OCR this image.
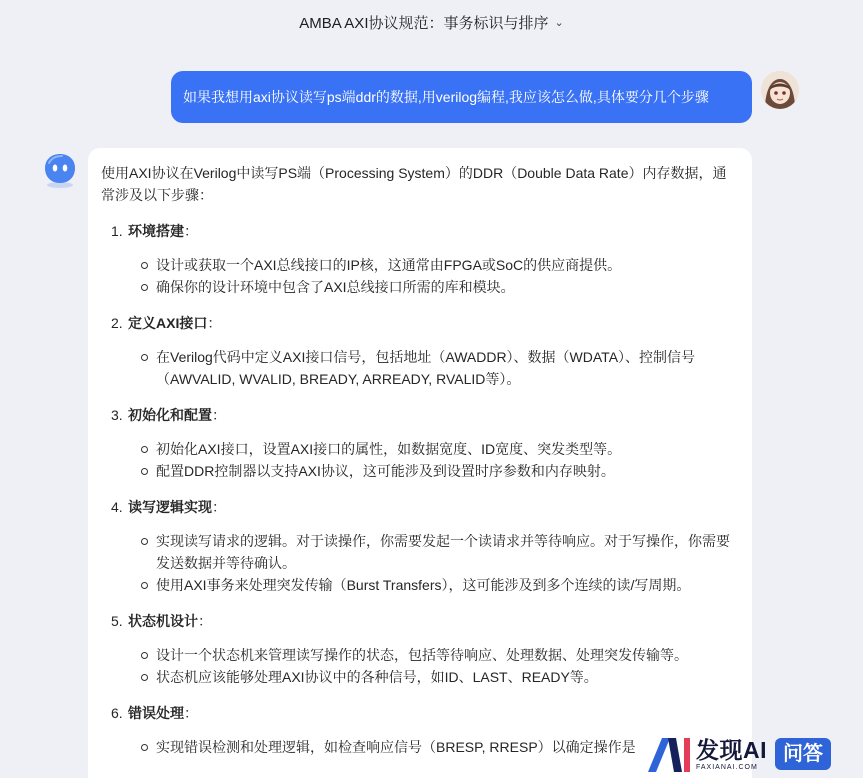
AMBA AXI协议规范：事务标识与排序 ⌄
如果我想用axi协议读写ps端ddr的数据,用verilog编程,我应该怎么做,具体要分几个步骤

使用AXI协议在Verilog中读写PS端（Processing System）的DDR（Double Data Rate）内存数据，通常涉及以下步骤：

1. 环境搭建 ：
设计或获取一个AXI总线接口的IP核，这通常由FPGA或SoC的供应商提供。
确保你的设计环境中包含了AXI总线接口所需的库和模块。
2. 定义AXI接口 ：
在Verilog代码中定义AXI接口信号，包括地址（AWADDR）、数据（WDATA）、控制信号（AWVALID, WVALID, BREADY, ARREADY, RVALID等）。
3. 初始化和配置 ：
初始化AXI接口，设置AXI接口的属性，如数据宽度、ID宽度、突发类型等。
配置DDR控制器以支持AXI协议，这可能涉及到设置时序参数和内存映射。
4. 读写逻辑实现 ：
实现读写请求的逻辑。对于读操作，你需要发起一个读请求并等待响应。对于写操作，你需要发送数据并等待确认。
使用AXI事务来处理突发传输（Burst Transfers），这可能涉及到多个连续的读/写周期。
5. 状态机设计 ：
设计一个状态机来管理读写操作的状态，包括等待响应、处理数据、处理突发传输等。
状态机应该能够处理AXI协议中的各种信号，如ID、LAST、READY等。
6. 错误处理 ：
实现错误检测和处理逻辑，如检查响应信号（BRESP, RRESP）以确定操作是	发现AI
FAXIANAI.COM
问答
